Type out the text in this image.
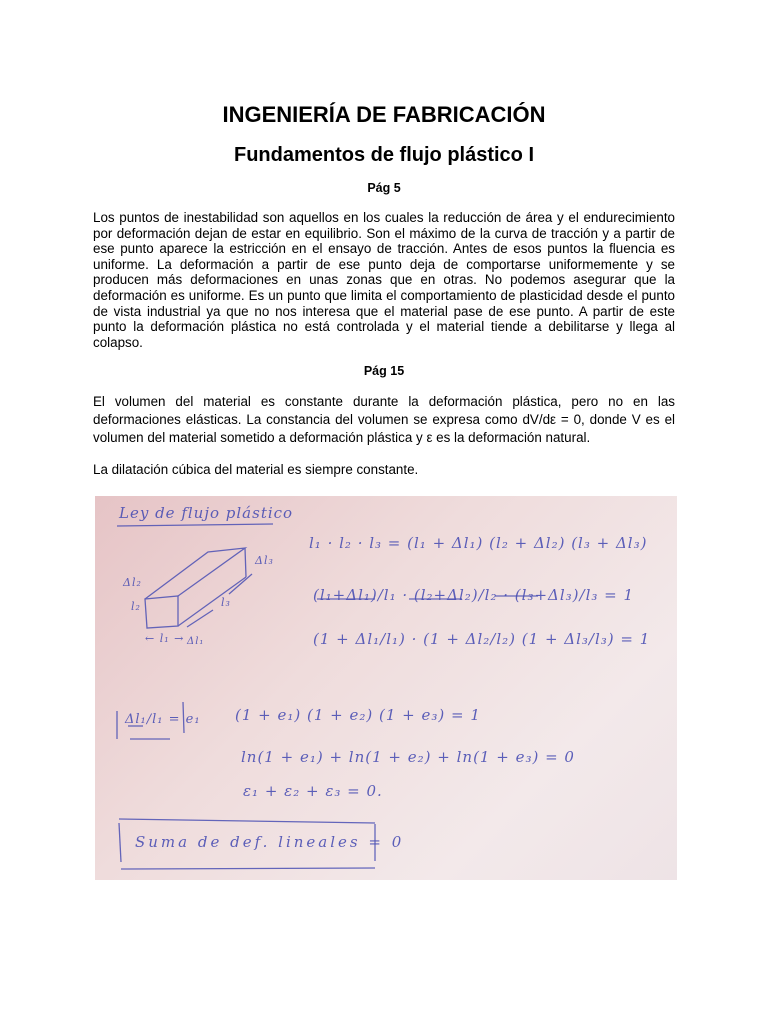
INGENIERÍA DE FABRICACIÓN
Fundamentos de flujo plástico I
Pág 5
Los puntos de inestabilidad son aquellos en los cuales la reducción de área y el endurecimiento por deformación dejan de estar en equilibrio. Son el máximo de la curva de tracción y a partir de ese punto aparece la estricción en el ensayo de tracción. Antes de esos puntos la fluencia es uniforme. La deformación a partir de ese punto deja de comportarse uniformemente y se producen más deformaciones en unas zonas que en otras. No podemos asegurar que la deformación es uniforme. Es un punto que limita el comportamiento de plasticidad desde el punto de vista industrial ya que no nos interesa que el material pase de ese punto. A partir de este punto la deformación plástica no está controlada y el material tiende a debilitarse y llega al colapso.
Pág 15
El volumen del material es constante durante la deformación plástica, pero no en las deformaciones elásticas. La constancia del volumen se expresa como dV/dε = 0, donde V es el volumen del material sometido a deformación plástica y ε es la deformación natural.
La dilatación cúbica del material es siempre constante.
Ley de flujo plástico
Δl₂
l₂
Δl₃
l₃
← l₁ → Δl₁
l₁ · l₂ · l₃ = (l₁ + Δl₁) (l₂ + Δl₂) (l₃ + Δl₃)
(l₁+Δl₁)/l₁ · (l₂+Δl₂)/l₂ · (l₃+Δl₃)/l₃ = 1
(1 + Δl₁/l₁) · (1 + Δl₂/l₂) (1 + Δl₃/l₃) = 1
Δl₁/l₁ = e₁ (1 + e₁) (1 + e₂) (1 + e₃) = 1
ln(1 + e₁) + ln(1 + e₂) + ln(1 + e₃) = 0
ε₁ + ε₂ + ε₃ = 0.
Suma de def. lineales = 0
